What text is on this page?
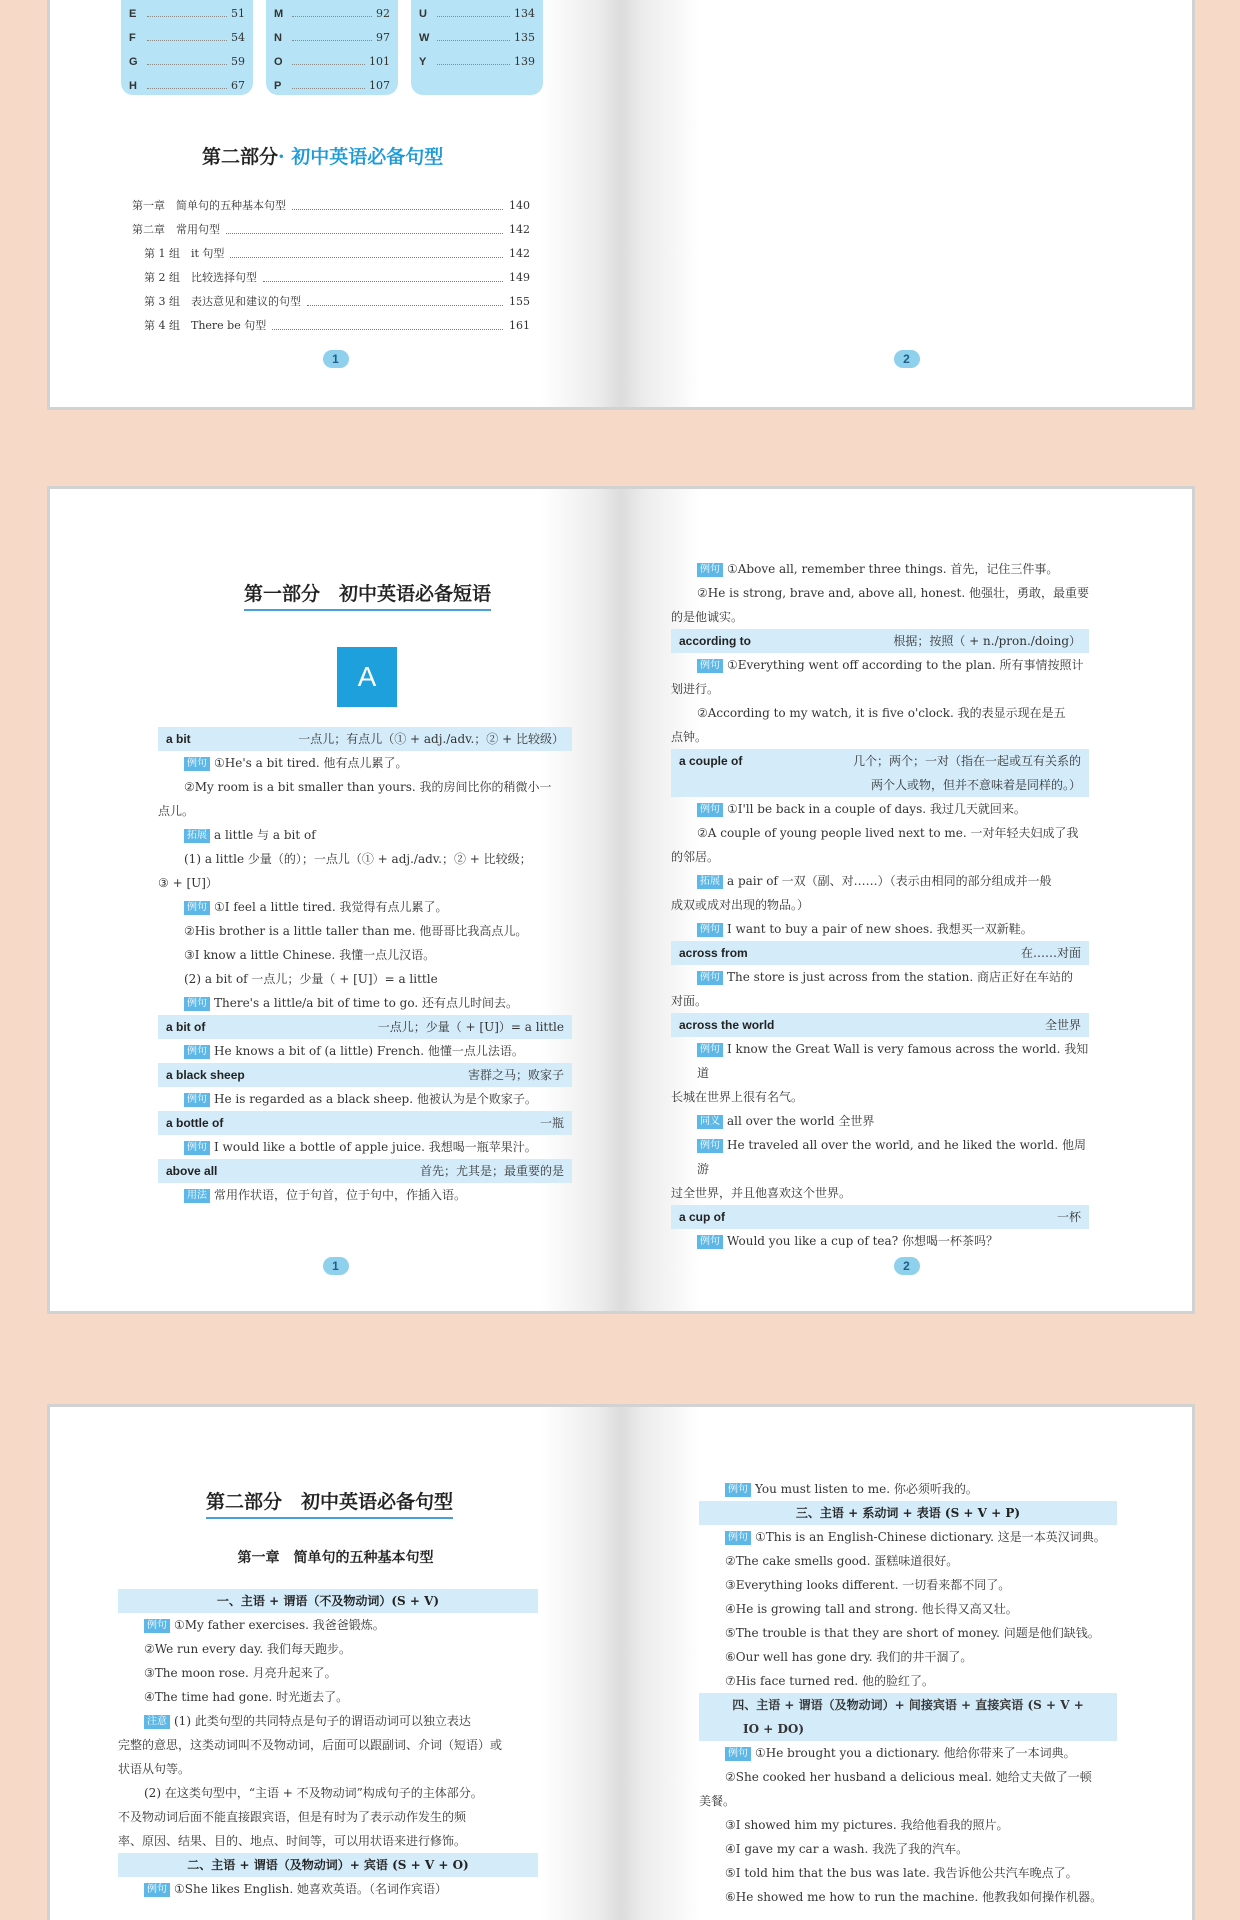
E	51
F	54
G	59
H	67
M	92
N	97
O	101
P	107
U	134
W	135
Y	139
第二部分· 初中英语必备句型
第一章　简单句的五种基本句型	140
第二章　常用句型	142
第 1 组　it 句型	142
第 2 组　比较选择句型	149
第 3 组　表达意见和建议的句型	155
第 4 组　There be 句型	161
1	2
第一部分　初中英语必备短语
A
a bit	一点儿；有点儿（① + adj./adv.；② + 比较级）
例句 ①He's a bit tired. 他有点儿累了。
②My room is a bit smaller than yours. 我的房间比你的稍微小一
点儿。
拓展 a little 与 a bit of
(1) a little 少量（的）；一点儿（① + adj./adv.；② + 比较级；
③ + [U]）
例句 ①I feel a little tired. 我觉得有点儿累了。
②His brother is a little taller than me. 他哥哥比我高点儿。
③I know a little Chinese. 我懂一点儿汉语。
(2) a bit of 一点儿；少量（ + [U]）= a little
例句 There's a little/a bit of time to go. 还有点儿时间去。
a bit of	一点儿；少量（ + [U]）= a little
例句 He knows a bit of (a little) French. 他懂一点儿法语。
a black sheep	害群之马；败家子
例句 He is regarded as a black sheep. 他被认为是个败家子。
a bottle of	一瓶
例句 I would like a bottle of apple juice. 我想喝一瓶苹果汁。
above all	首先；尤其是；最重要的是
用法 常用作状语，位于句首，位于句中，作插入语。
1
例句 ①Above all, remember three things. 首先，记住三件事。
②He is strong, brave and, above all, honest. 他强壮，勇敢，最重要
的是他诚实。
according to	根据；按照（ + n./pron./doing）
例句 ①Everything went off according to the plan. 所有事情按照计
划进行。
②According to my watch, it is five o'clock. 我的表显示现在是五
点钟。
a couple of	几个；两个；一对（指在一起或互有关系的
两个人或物，但并不意味着是同样的。）
例句 ①I'll be back in a couple of days. 我过几天就回来。
②A couple of young people lived next to me. 一对年轻夫妇成了我
的邻居。
拓展 a pair of 一双（副、对……）（表示由相同的部分组成并一般
成双或成对出现的物品。）
例句 I want to buy a pair of new shoes. 我想买一双新鞋。
across from	在……对面
例句 The store is just across from the station. 商店正好在车站的
对面。
across the world	全世界
例句 I know the Great Wall is very famous across the world. 我知道
长城在世界上很有名气。
同义 all over the world 全世界
例句 He traveled all over the world, and he liked the world. 他周游
过全世界，并且他喜欢这个世界。
a cup of	一杯
例句 Would you like a cup of tea? 你想喝一杯茶吗？
2
第二部分　初中英语必备句型
第一章　简单句的五种基本句型
一、主语 + 谓语（不及物动词）(S + V)
例句 ①My father exercises. 我爸爸锻炼。
②We run every day. 我们每天跑步。
③The moon rose. 月亮升起来了。
④The time had gone. 时光逝去了。
注意 (1) 此类句型的共同特点是句子的谓语动词可以独立表达
完整的意思，这类动词叫不及物动词，后面可以跟副词、介词（短语）或
状语从句等。
(2) 在这类句型中，“主语 + 不及物动词”构成句子的主体部分。
不及物动词后面不能直接跟宾语，但是有时为了表示动作发生的频
率、原因、结果、目的、地点、时间等，可以用状语来进行修饰。
二、主语 + 谓语（及物动词）+ 宾语 (S + V + O)
例句 ①She likes English. 她喜欢英语。（名词作宾语）
例句 You must listen to me. 你必须听我的。
三、主语 + 系动词 + 表语 (S + V + P)
例句 ①This is an English-Chinese dictionary. 这是一本英汉词典。
②The cake smells good. 蛋糕味道很好。
③Everything looks different. 一切看来都不同了。
④He is growing tall and strong. 他长得又高又壮。
⑤The trouble is that they are short of money. 问题是他们缺钱。
⑥Our well has gone dry. 我们的井干涸了。
⑦His face turned red. 他的脸红了。
四、主语 + 谓语（及物动词）+ 间接宾语 + 直接宾语 (S + V +
IO + DO)
例句 ①He brought you a dictionary. 他给你带来了一本词典。
②She cooked her husband a delicious meal. 她给丈夫做了一顿
美餐。
③I showed him my pictures. 我给他看我的照片。
④I gave my car a wash. 我洗了我的汽车。
⑤I told him that the bus was late. 我告诉他公共汽车晚点了。
⑥He showed me how to run the machine. 他教我如何操作机器。
